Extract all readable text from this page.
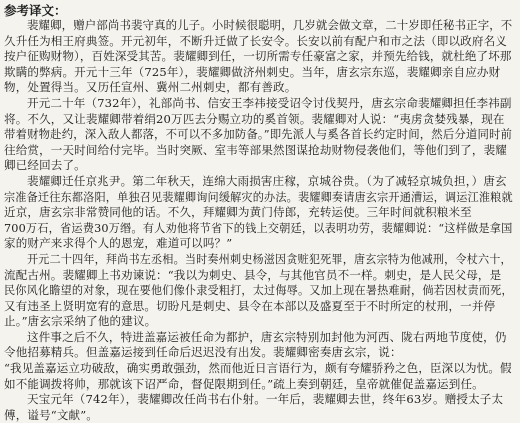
参考译文：
裴耀卿，赠户部尚书裴守真的儿子。小时候很聪明，几岁就会做文章，二十岁即任秘书正字，不
久升任为相王府典签。开元初年，不断升迁做了长安令。长安以前有配户和市之法（即以政府名义
按户征购财物），百姓深受其苦。裴耀卿到任，一切所需专任豪富之家，并预先给钱，就杜绝了坏那
欺瞒的弊病。开元十三年（725年），裴耀卿做济州刺史。当年，唐玄宗东巡，裴耀卿亲自应办财
物，处置得当。又历任宣州、冀州二州刺史，都有善政。
开元二十年（732年），礼部尚书、信安王李祎接受诏令讨伐契丹，唐玄宗命裴耀卿担任李祎副
将。不久，又让裴耀卿带着绢20万匹去分赐立功的奚首领。裴耀卿对人说：“夷虏贪婪残暴，现在
带着财物赴约，深入敌人都落，不可以不多加防备。”即先派人与奚各首长约定时间，然后分道同时前
往给赏，一天时间给付完毕。当时突厥、室韦等部果然图谋抢劫财物侵袭他们，等他们到了，裴耀
卿已经回去了。
裴耀卿迁任京兆尹。第二年秋天，连绵大雨损害庄稼，京城谷贵。（为了减轻京城负担，）唐玄
宗准备迁往东都洛阳，单独召见裴耀卿询问缓解灾的办法。裴耀卿奏请唐玄宗开通漕运，调运江淮粮就
近京，唐玄宗非常赞同他的话。不久，拜耀卿为黄门侍郎，充转运使。三年时间就积粮米至
700万石，省运费30万缗。有人劝他将节省下的钱上交朝廷，以表明功劳，裴耀卿说：“这样做是拿国
家的财产来求得个人的恩宠，难道可以吗？”
开元二十四年，拜尚书左丞相。当时奏州刺史杨滋因贪赃犯死罪，唐玄宗特为他减刑，令杖六十，
流配古州。裴耀卿上书劝谏说：“我以为刺史、县令，与其他官员不一样。刺史，是人民父母，是
民你风化瞻望的对象，现在要他们像仆隶受粗打，太过侮辱。又加上现在暑热难耐，倘若因杖责而死，
又有违圣上贤明宽宥的意思。切盼凡是刺史、县令在本部以及盛夏至于不时所定的杖刑，一并停
止。”唐玄宗采纳了他的建议。
这件事之后不久，特进盖嘉运被任命为都护，唐玄宗特别加封他为河西、陇右两地节度使，仍
令他招募精兵。但盖嘉运接到任命后迟迟没有出发。裴耀卿密奏唐玄宗，说：
“我见盖嘉运立功破敌，确实勇敢强劲，然而他近日言语行为，颇有夸耀骄矜之色，臣深以为忧。假
如不能调拨将帅，那就该下诏严命，督促限期到任。”疏上奏到朝廷，皇帝就催促盖嘉运到任。
天宝元年（742年），裴耀卿改任尚书右仆射。一年后，裴耀卿去世，终年63岁。赠授太子太
傅，谥号“文献”。
